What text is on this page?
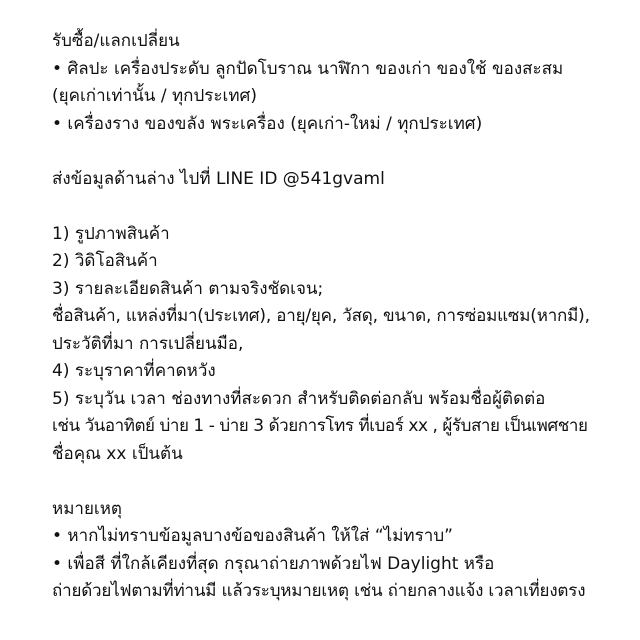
รับซื้อ/แลกเปลี่ยน
• ศิลปะ เครื่องประดับ ลูกปัดโบราณ นาฬิกา ของเก่า ของใช้ ของสะสม
(ยุคเก่าเท่านั้น / ทุกประเทศ)
• เครื่องราง ของขลัง พระเครื่อง (ยุคเก่า-ใหม่ / ทุกประเทศ)
ส่งข้อมูลด้านล่าง ไปที่ LINE ID @541gvaml
1) รูปภาพสินค้า
2) วิดิโอสินค้า
3) รายละเอียดสินค้า ตามจริงชัดเจน;
ชื่อสินค้า, แหล่งที่มา(ประเทศ), อายุ/ยุค, วัสดุ, ขนาด, การซ่อมแซม(หากมี),
ประวัติที่มา การเปลี่ยนมือ,
4) ระบุราคาที่คาดหวัง
5) ระบุวัน เวลา ช่องทางที่สะดวก สำหรับติดต่อกลับ พร้อมชื่อผู้ติดต่อ
เช่น วันอาทิตย์ บ่าย 1 - บ่าย 3 ด้วยการโทร ที่เบอร์ xx , ผู้รับสาย เป็นเพศชาย
ชื่อคุณ xx เป็นต้น
หมายเหตุ
• หากไม่ทราบข้อมูลบางข้อของสินค้า ให้ใส่ “ไม่ทราบ”
• เพื่อสี ที่ใกล้เคียงที่สุด กรุณาถ่ายภาพด้วยไฟ Daylight หรือ
ถ่ายด้วยไฟตามที่ท่านมี แล้วระบุหมายเหตุ เช่น ถ่ายกลางแจ้ง เวลาเที่ยงตรง
